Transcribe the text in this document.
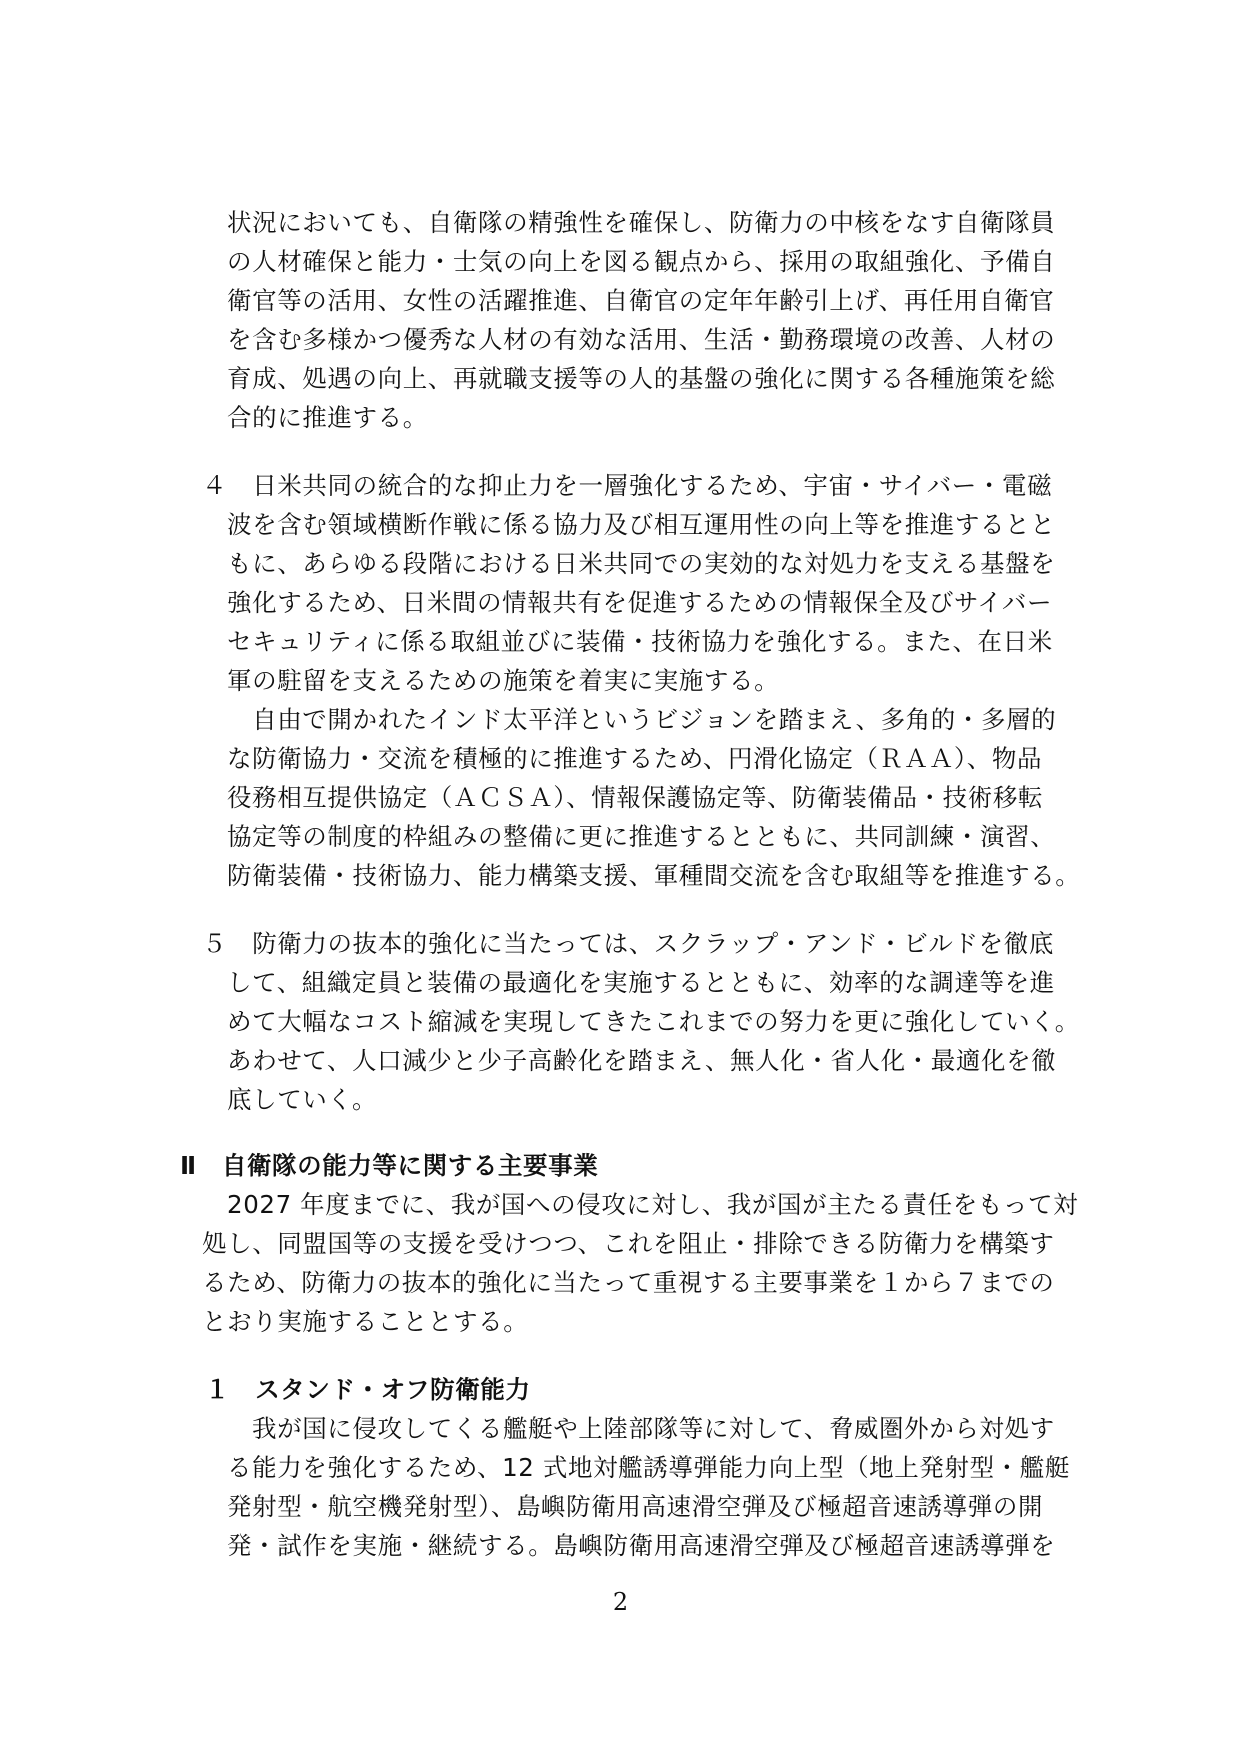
状況においても、自衛隊の精強性を確保し、防衛力の中核をなす自衛隊員
の人材確保と能力・士気の向上を図る観点から、採用の取組強化、予備自
衛官等の活用、女性の活躍推進、自衛官の定年年齢引上げ、再任用自衛官
を含む多様かつ優秀な人材の有効な活用、生活・勤務環境の改善、人材の
育成、処遇の向上、再就職支援等の人的基盤の強化に関する各種施策を総
合的に推進する。
４　日米共同の統合的な抑止力を一層強化するため、宇宙・サイバー・電磁
波を含む領域横断作戦に係る協力及び相互運用性の向上等を推進するとと
もに、あらゆる段階における日米共同での実効的な対処力を支える基盤を
強化するため、日米間の情報共有を促進するための情報保全及びサイバー
セキュリティに係る取組並びに装備・技術協力を強化する。また、在日米
軍の駐留を支えるための施策を着実に実施する。
　自由で開かれたインド太平洋というビジョンを踏まえ、多角的・多層的
な防衛協力・交流を積極的に推進するため、円滑化協定（ＲＡＡ）、物品
役務相互提供協定（ＡＣＳＡ）、情報保護協定等、防衛装備品・技術移転
協定等の制度的枠組みの整備に更に推進するとともに、共同訓練・演習、
防衛装備・技術協力、能力構築支援、軍種間交流を含む取組等を推進する。
５　防衛力の抜本的強化に当たっては、スクラップ・アンド・ビルドを徹底
して、組織定員と装備の最適化を実施するとともに、効率的な調達等を進
めて大幅なコスト縮減を実現してきたこれまでの努力を更に強化していく。
あわせて、人口減少と少子高齢化を踏まえ、無人化・省人化・最適化を徹
底していく。
Ⅱ　自衛隊の能力等に関する主要事業
2027 年度までに、我が国への侵攻に対し、我が国が主たる責任をもって対
処し、同盟国等の支援を受けつつ、これを阻止・排除できる防衛力を構築す
るため、防衛力の抜本的強化に当たって重視する主要事業を１から７までの
とおり実施することとする。
１　スタンド・オフ防衛能力
我が国に侵攻してくる艦艇や上陸部隊等に対して、脅威圏外から対処す
る能力を強化するため、12 式地対艦誘導弾能力向上型（地上発射型・艦艇
発射型・航空機発射型）、島嶼防衛用高速滑空弾及び極超音速誘導弾の開
発・試作を実施・継続する。島嶼防衛用高速滑空弾及び極超音速誘導弾を
2
